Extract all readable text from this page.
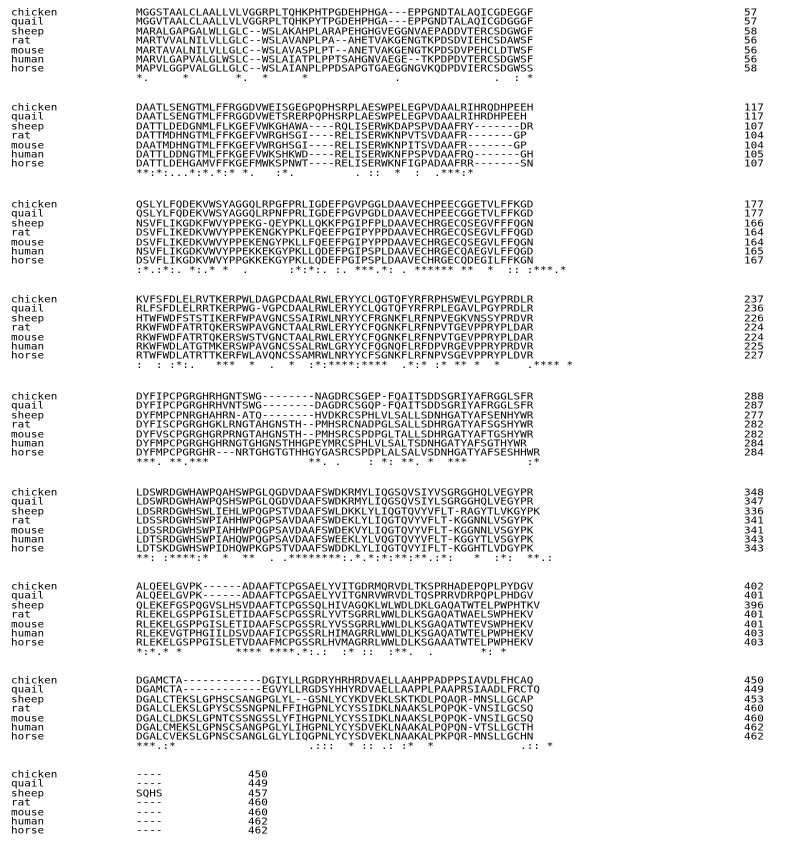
chicken	MGGSTAALCLAALLVLVGGRPLTQHKPHTPGDEHPHGA---EPPGNDTALAQICGDEGGF	57
quail	MGGVTAALCLAALLVLVGGRPLTQHKPYTPGDEHPHGA---EPPGNDTALAQICGDGGGF	57
sheep	MARALGAPGALWLLGLC--WSLAKAHPLARAPEHGHGVEGGNVAEPADDVTERCSDGWGF	58
rat	MARTVVALNILVLLGLC--WSLAVANPLPA--AHETVAKGENGTKPDSDVIEHCSDAWSF	56
mouse	MARTAVALNILVLLGLC--WSLAVASPLPT--ANETVAKGENGTKPDSDVPEHCLDTWSF	56
human	MARVLGAPVALGLWSLC--WSLAIATPLPPTSAHGNVAEGE--TKPDPDVTERCSDGWSF	56
horse	MAPVLGGPVALGLLGLC--WSLAIANPLPPDSAPGTGAEGGNGVKQDPDVIERCSDGWSS	58
*.     *       *.  *     *             .              .  : *
chicken	DAATLSENGTMLFFRGGDVWEISGEGPQPHSRPLAESWPELEGPVDAALRIHRQDHPEEH	117
quail	DAATLSENGTMLFFRGGDVWETSRERPQPHSRPLAESWPELEGPVDAALRIHRDHPEEH	117
sheep	DATTLDEDGNMLFLKGEFVWKGHAWA----RQLISERWKDAPSPVDAAFRY-------DR	107
rat	DATTMDHNGTMLFFKGEFVWRGHSGI----RELISERWKNPVTSVDAAFR-------GP	104
mouse	DAATMDHNGTMLFFKGEFVWRGHSGI----RELISERWKNPITSVDAAFR-------GP	104
human	DATTLDDNGTMLFFKGEFVWKSHKWD----RELISERWKNFPSPVDAAFRQ-------GH	105
horse	DATTLDEHGAMVFFKGEFMWKSPNWT----RELISERWKNFIGPADAAFRR-------SN	107
**:*:...*:*.*:* *.   :*.         . ::  *  :  .***:*
chicken	QSLYLFQDEKVWSYAGGQLRPGFPRLIGDEFPGVPGGLDAAVECHPEECGGETVLFFKGD	177
quail	QSLYLFQDEKVWSYAGGQLRPNFPRLIGDEFPGVPGDLDAAVECHPEECGGETVLFFKGD	177
sheep	NSVFLIKGDKFWVYPPEKG-QEYPKLLQKKFPGIPFPLDAAVECHRGECQSEGVFFFQGN	166
rat	DSVFLIKEDKVWVYPPEKENGKYPKLFQEEFPGIPYPPDAAVECHRGECQSEGVLFFQGD	164
mouse	DSVFLIKEDKVWVYPPEKENGYPKLLFQEEFPGIPYPPDAAVECHRGECQSEGVLFFQGN	164
human	NSVFLIKGDKVWVYPPEKKEKGYPKLLQDEFPGIPSPLDAAVECHRGECQAEGVLFFQGD	165
horse	DSVFLIKGDKVWVYPPGKKEKGYPKLLQDEFPGIPSPLDAAVECHRGECQDEGILFFKGN	167
:*.:*:. *:.* *  .      :*:*:. :. ***.*: . ****** **  *  :: :***.*
chicken	KVFSFDLELRVTKERPWLDAGPCDAALRWLERYYCLQGTQFYRFRPHSWEVLPGYPRDLR	237
quail	RLFSFDLELRRTKERPWG-VGPCDAALRWLERYYCLQGTQFYRFRPLEGAVLPGYPRDLR	236
sheep	HTWFWDFSTSTIKERFWPAVGNCSSAIRWLNRYYCFRGNKFLRFNPVEGKVNSSYPRDVR	226
rat	RKWFWDFATRTQKERSWPAVGNCTAALRWLERYYCFQGNKFLRFNPVTGEVPPRYPLDAR	224
mouse	RKWFWDFATRTQKERSWSTVGNCTAALRWLERYYCFQGNKFLRFNPVTGEVPPRYPLDAR	224
human	RKWFWDLATGTMKERSWPAVGNCSSALRWLGRYYCFQGNQFLRFDPVRGEVPPRYPRDVR	225
horse	RTWFWDLATRTTKERFWLAVQNCSSAMRWLNRYYCFSGNKFLRFNPVSGEVPPRYPLDVR	227
:  : :*:.   ***  *  .  *  :*:****:****  .*:* :* ** *  *    .**** *
chicken	DYFIPCPGRGHRHGNTSWG--------NAGDRCSGEP-FQAITSDDSGRIYAFRGGLSFR	288
quail	DYFIPCPGRGHRHVNTSWG--------DAGDRCSGQP-FQAITSDDSGRIYAFRGGLSFR	287
sheep	DYFMPCPNRGHAHRN-ATQ--------HVDKRCSPHLVLSALLSDNHGATYAFSENHYWR	277
rat	DYFISCPGRGHGKLRNGTAHGNSTH--PMHSRCNADPGLSALLSDHRGATYAFSGSHYWR	282
mouse	DYFVSCPGRGHGRPRNGTAHGNSTH--PMHSRCSPDPGLTALLSDHRGATYAFTGSHYWR	282
human	DYFMPCPGRGHGHRNGTGHGNSTHHGPEYMRCSPHLVLSALTSDNHGATYAFSGTHYWR	284
horse	DYFMPCPGRGHR---NRTGHGTGTHHGYGASRCSPDPLALSALVSDNHGATYAFSESHHWR	284
***. **.***               **. .    : *: **. *  ***         :*
chicken	LDSWRDGWHAWPQAHSWPGLQGDVDAAFSWDKRMYLIQGSQVSIYVSGRGGHQLVEGYPR	348
quail	LDSWRDGWHAWPQSHSWPGLQGDVDAAFSWDKRMYLIQGSQVSIYLSGRGGHQLVEGYPR	347
sheep	LDSRRDGWHSWLIEHLWPQGPSTVDAAFSWLDKKLYLIQGTQVYVFLT-RAGYTLVKGYPK	336
rat	LDSSRDGWHSWPIAHHWPQGPSAVDAAFSWDEKLYLIQGTQVYVFLT-KGGNNLVSGYPK	341
mouse	LDSSRDGWHSWPIAHHWPQGPSAVDAAFSWDEKVYLIQGTQVYVFLT-KGGNNLVSGYPK	341
human	LDTSRDGWHSWPIAHQWPQGPSAVDAAFSWEEKLYLVQGTQVYVFLT-KGGYTLVSGYPK	343
horse	LDTSKDGWHSWPIDHQWPKGPSTVDAAFSWDDKLYLIQGTQVYIFLT-KGGHTLVDGYPK	343
**: :****:*  *  **  . .********:.*.*:*:**:**.:*:   *  :*:  **.:
chicken	ALQEELGVPK------ADAAFTCPGSAELYVITGDRMQRVDLTKSPRHADEPQPLPYDGV	402
quail	ALQEELGVPK------ADAAFTCPGSAELYVITGNRVWRVDLTQSPRRVDRPQPLPHDGV	401
sheep	QLEKEFGSPQGVSLHSVDAAFTCPGSSQLHIVAGQKLWLWDLDKLGAQATWTELPWPHTKV	396
rat	RLEKELGSPPGISLETIDAAFSCPGSSRLYVTSGRRLWWLDLKSGAQATWAELSWPHEKV	401
mouse	RLEKELGSPPGISLETIDAAFSCPGSSRLYVSSGRRLWWLDLKSGAQATWTEVSWPHEKV	401
human	RLEKEVGTPHGIILDSVDAAFICPGSSRLHIMAGRRLWWLDLKSGAQATWTELPWPHEKV	403
horse	RLEKELGSPPGISLETVDAAFMCPGSSRLHVMAGRRLWWLDLKSGAAATWTELPWPHEKV	403
*:*.* *        **** ****.*:.:  :* ::  :**.  .       *: *
chicken	DGAMCTA------------DGIYLLRGDRYHRHRDVAELLAAHPPADPPSIAVDLFHCAQ	450
quail	DGAMCTA------------EGVYLLRGDSYHHYRDVAELLAAPPLPAAPRSIAADLFRCTQ	449
sheep	DGALCTEKSLGPHSCSANGPGLYL--GSNLYCYKDVEKLSKTKDLPQAQR-MNSLLGCAP	453
rat	DGALCLEKSLGPYSCSSNGPNLFFIHGPNLYCYSSIDKLNAAKSLPQPQK-VNSILGCSQ	460
mouse	DGALCLDKSLGPNTCSSNGSSLYFIHGPNLYCYSSIDKLNAAKSLPQPQK-VNSILGCSQ	460
human	DGALCMEKSLGPNSCSANGPGLYLIHGPNLYCYSDVEKLNAAKALPQPQN-VTSLLGCTH	462
horse	DGALCVEKSLGPNSCSANGLGLYLIQGPNLYCYSDVEKLNAAKALPKPQR-MNSLLGCHN	462
***.:*                    .:::  * :: .: :*  *             .:: *
chicken	----	450
quail	----	449
sheep	SQHS	457
rat	----	460
mouse	----	460
human	----	462
horse	----	462
